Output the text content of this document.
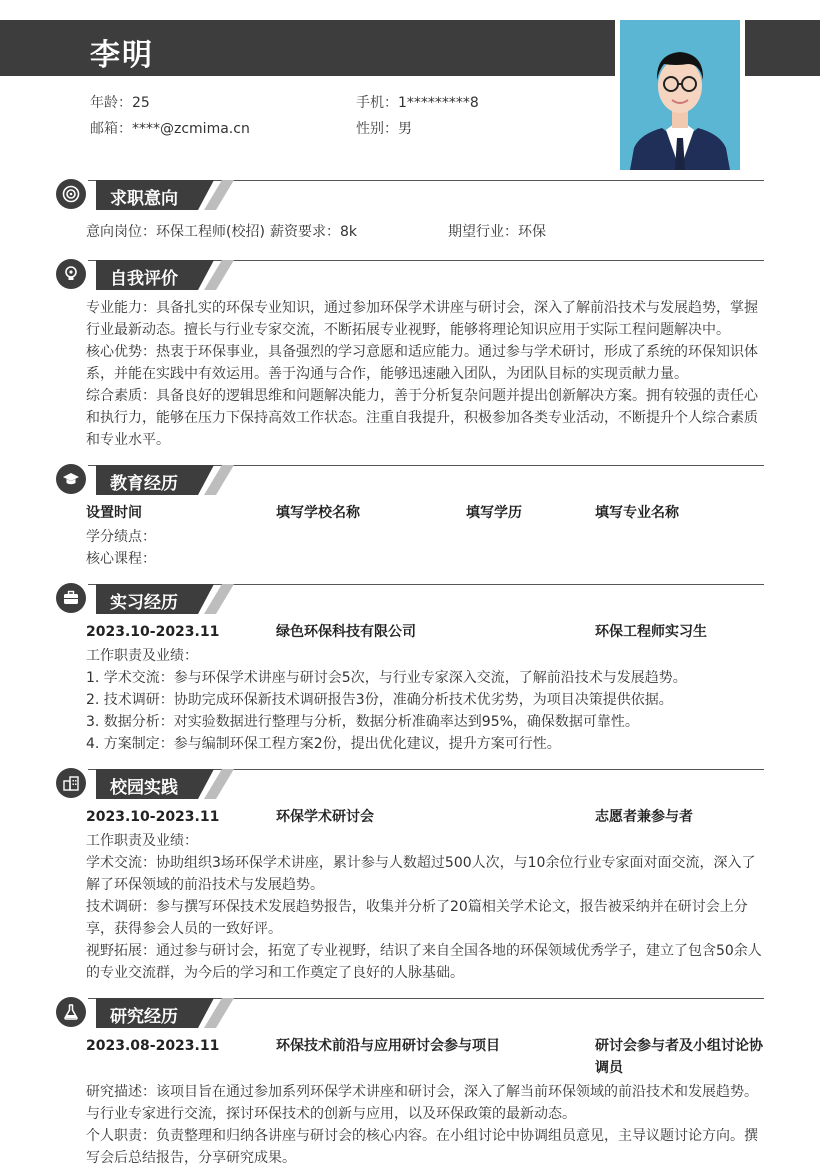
李明
年龄：25	手机：1*********8
邮箱：****@zcmima.cn	性别：男
求职意向
意向岗位：环保工程师(校招) 薪资要求：8k	期望行业：环保
自我评价
专业能力：具备扎实的环保专业知识，通过参加环保学术讲座与研讨会，深入了解前沿技术与发展趋势，掌握行业最新动态。擅长与行业专家交流，不断拓展专业视野，能够将理论知识应用于实际工程问题解决中。
核心优势：热衷于环保事业，具备强烈的学习意愿和适应能力。通过参与学术研讨，形成了系统的环保知识体系，并能在实践中有效运用。善于沟通与合作，能够迅速融入团队，为团队目标的实现贡献力量。
综合素质：具备良好的逻辑思维和问题解决能力，善于分析复杂问题并提出创新解决方案。拥有较强的责任心和执行力，能够在压力下保持高效工作状态。注重自我提升，积极参加各类专业活动，不断提升个人综合素质和专业水平。
教育经历
设置时间	填写学校名称	填写学历	填写专业名称
学分绩点：
核心课程：
实习经历
2023.10-2023.11	绿色环保科技有限公司	环保工程师实习生
工作职责及业绩：
1. 学术交流：参与环保学术讲座与研讨会5次，与行业专家深入交流，了解前沿技术与发展趋势。
2. 技术调研：协助完成环保新技术调研报告3份，准确分析技术优劣势，为项目决策提供依据。
3. 数据分析：对实验数据进行整理与分析，数据分析准确率达到95%，确保数据可靠性。
4. 方案制定：参与编制环保工程方案2份，提出优化建议，提升方案可行性。
校园实践
2023.10-2023.11	环保学术研讨会	志愿者兼参与者
工作职责及业绩：
学术交流：协助组织3场环保学术讲座，累计参与人数超过500人次，与10余位行业专家面对面交流，深入了解了环保领域的前沿技术与发展趋势。
技术调研：参与撰写环保技术发展趋势报告，收集并分析了20篇相关学术论文，报告被采纳并在研讨会上分享，获得参会人员的一致好评。
视野拓展：通过参与研讨会，拓宽了专业视野，结识了来自全国各地的环保领域优秀学子，建立了包含50余人的专业交流群，为今后的学习和工作奠定了良好的人脉基础。
研究经历
2023.08-2023.11	环保技术前沿与应用研讨会参与项目	研讨会参与者及小组讨论协调员
研究描述：该项目旨在通过参加系列环保学术讲座和研讨会，深入了解当前环保领域的前沿技术和发展趋势。与行业专家进行交流，探讨环保技术的创新与应用，以及环保政策的最新动态。
个人职责：负责整理和归纳各讲座与研讨会的核心内容。在小组讨论中协调组员意见，主导议题讨论方向。撰写会后总结报告，分享研究成果。
